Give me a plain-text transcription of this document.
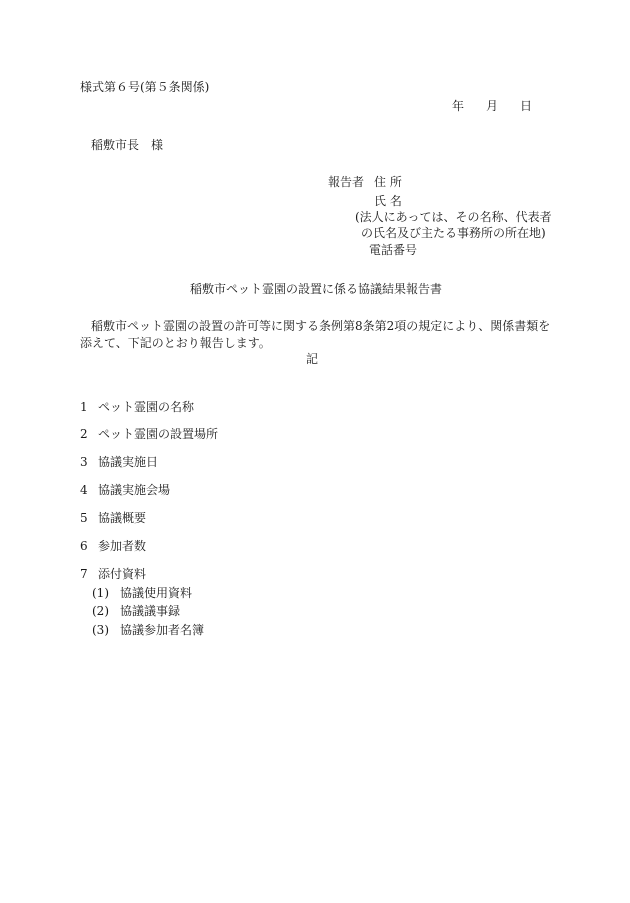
様式第６号(第５条関係)
年 月 日
稲敷市長　様
報告者 住 所
氏 名
(法人にあっては、その名称、代表者
の氏名及び主たる事務所の所在地)
電話番号
稲敷市ペット霊園の設置に係る協議結果報告書
稲敷市ペット霊園の設置の許可等に関する条例第8条第2項の規定により、関係書類を添えて、下記のとおり報告します。
記
1 ペット霊園の名称
2 ペット霊園の設置場所
3 協議実施日
4 協議実施会場
5 協議概要
6 参加者数
7 添付資料
(1) 協議使用資料
(2) 協議議事録
(3) 協議参加者名簿
